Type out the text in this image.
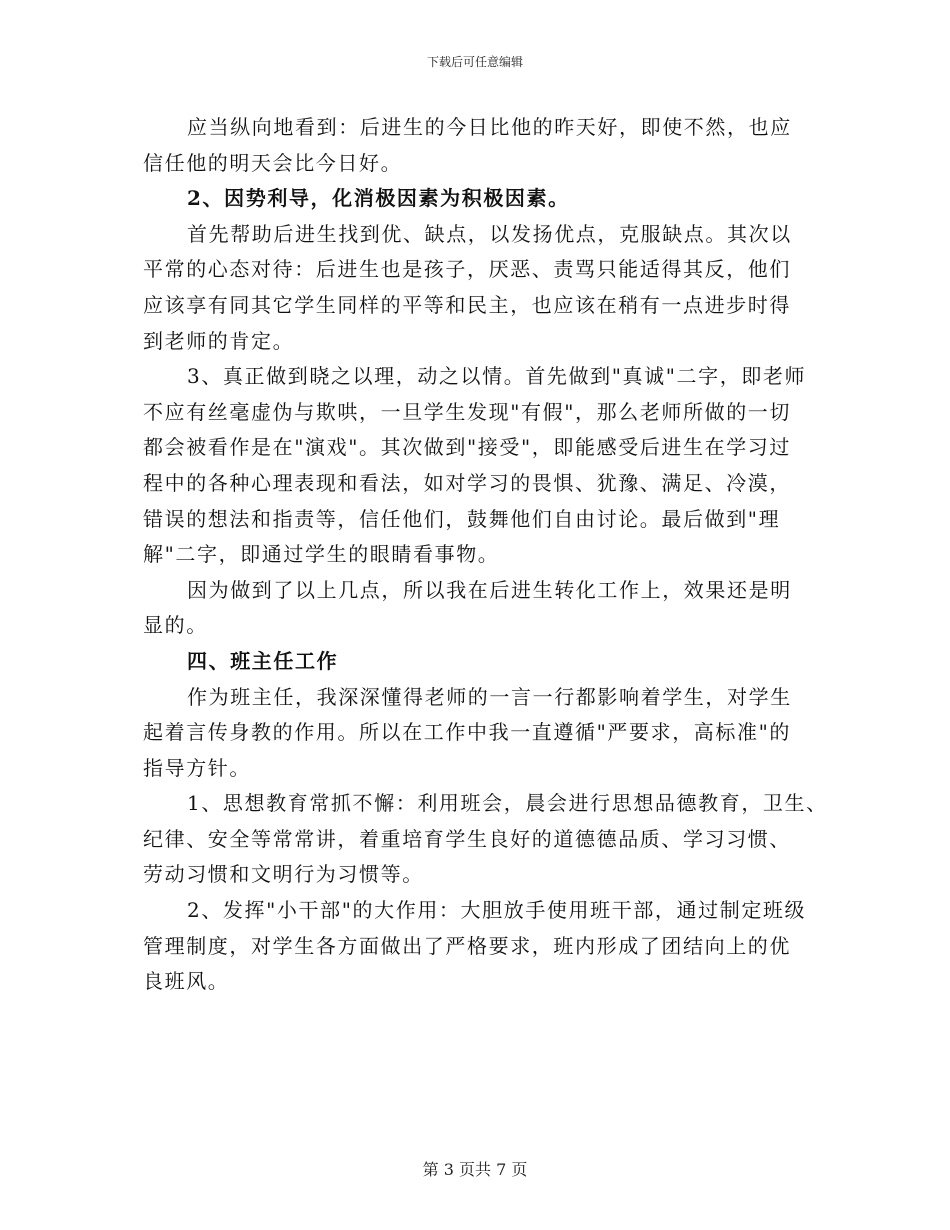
下载后可任意编辑
应当纵向地看到：后进生的今日比他的昨天好，即使不然，也应
信任他的明天会比今日好。
2、因势利导，化消极因素为积极因素。
首先帮助后进生找到优、缺点，以发扬优点，克服缺点。其次以
平常的心态对待：后进生也是孩子，厌恶、责骂只能适得其反，他们
应该享有同其它学生同样的平等和民主，也应该在稍有一点进步时得
到老师的肯定。
3、真正做到晓之以理，动之以情。首先做到"真诚"二字，即老师
不应有丝毫虚伪与欺哄，一旦学生发现"有假"，那么老师所做的一切
都会被看作是在"演戏"。其次做到"接受"，即能感受后进生在学习过
程中的各种心理表现和看法，如对学习的畏惧、犹豫、满足、冷漠，
错误的想法和指责等，信任他们，鼓舞他们自由讨论。最后做到"理
解"二字，即通过学生的眼睛看事物。
因为做到了以上几点，所以我在后进生转化工作上，效果还是明
显的。
四、班主任工作
作为班主任，我深深懂得老师的一言一行都影响着学生，对学生
起着言传身教的作用。所以在工作中我一直遵循"严要求，高标准"的
指导方针。
1、思想教育常抓不懈：利用班会，晨会进行思想品德教育，卫生、
纪律、安全等常常讲，着重培育学生良好的道德德品质、学习习惯、
劳动习惯和文明行为习惯等。
2、发挥"小干部"的大作用：大胆放手使用班干部，通过制定班级
管理制度，对学生各方面做出了严格要求，班内形成了团结向上的优
良班风。
第 3 页共 7 页
